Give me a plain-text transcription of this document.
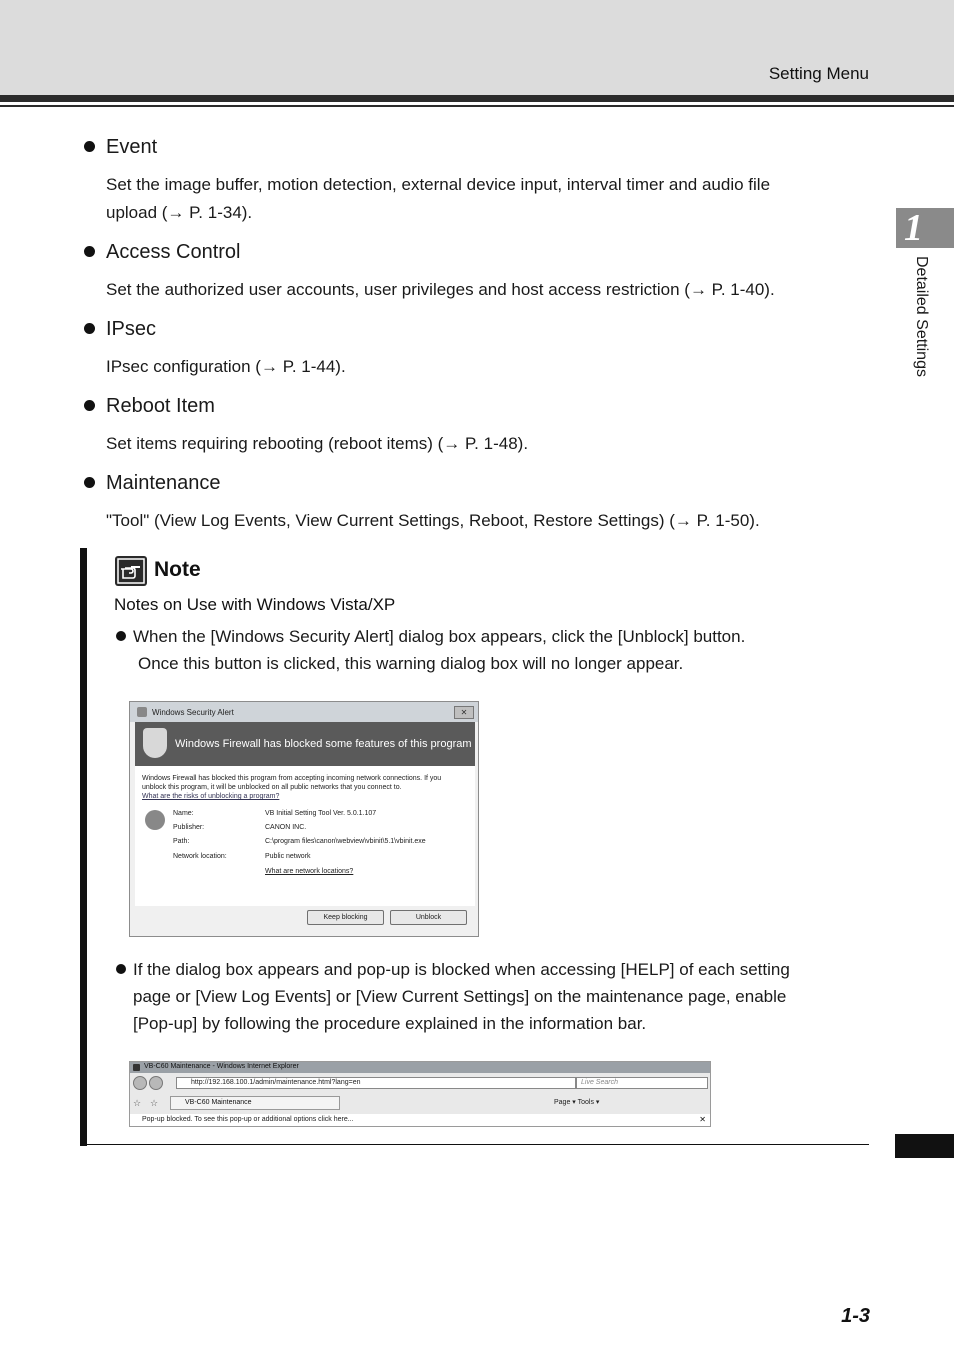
Setting Menu
1
Detailed Settings
Event
Set the image buffer, motion detection, external device input, interval timer and audio file
upload (→ P. 1-34).
Access Control
Set the authorized user accounts, user privileges and host access restriction (→ P. 1-40).
IPsec
IPsec configuration (→ P. 1-44).
Reboot Item
Set items requiring rebooting (reboot items) (→ P. 1-48).
Maintenance
"Tool" (View Log Events, View Current Settings, Reboot, Restore Settings) (→ P. 1-50).
Note
Notes on Use with Windows Vista/XP
When the [Windows Security Alert] dialog box appears, click the [Unblock] button.
Once this button is clicked, this warning dialog box will no longer appear.
Windows Security Alert	✕
Windows Firewall has blocked some features of this program
Windows Firewall has blocked this program from accepting incoming network connections. If you
unblock this program, it will be unblocked on all public networks that you connect to.
What are the risks of unblocking a program?
Name:	VB Initial Setting Tool Ver. 5.0.1.107
Publisher:	CANON INC.
Path:	C:\program files\canon\webview\vbinit\5.1\vbinit.exe
Network location:	Public network
What are network locations?
Keep blocking	Unblock
If the dialog box appears and pop-up is blocked when accessing [HELP] of each setting
page or [View Log Events] or [View Current Settings] on the maintenance page, enable
[Pop-up] by following the procedure explained in the information bar.
VB-C60 Maintenance - Windows Internet Explorer
http://192.168.100.1/admin/maintenance.html?lang=en	Live Search
☆ ☆	VB-C60 Maintenance	Page ▾ Tools ▾
Pop-up blocked. To see this pop-up or additional options click here...	✕
1-3
